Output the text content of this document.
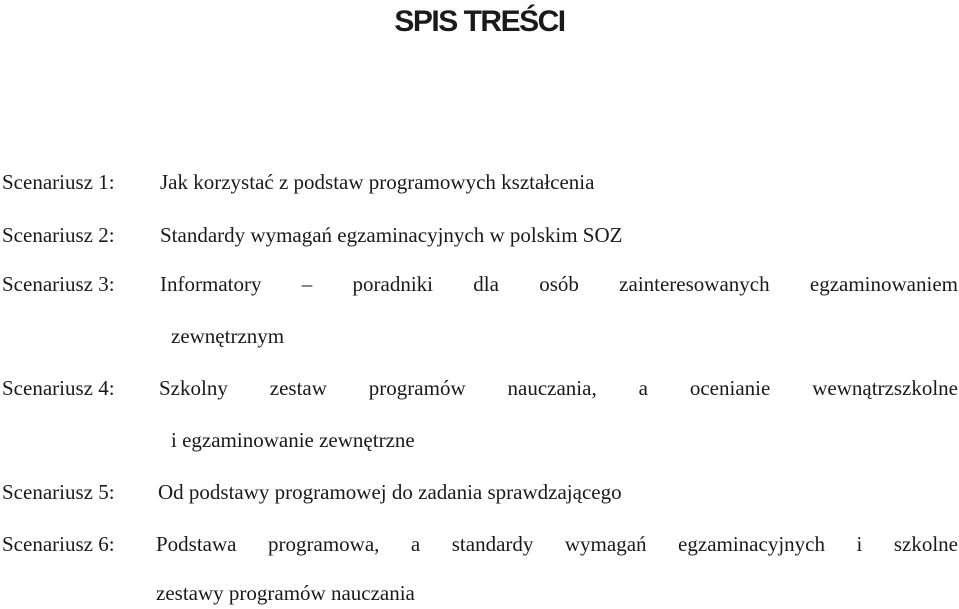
SPIS TREŚCI
Scenariusz 1: Jak korzystać z podstaw programowych kształcenia
Scenariusz 2: Standardy wymagań egzaminacyjnych w polskim SOZ
Scenariusz 3: Informatory – poradniki dla osób zainteresowanych egzaminowaniem
zewnętrznym
Scenariusz 4: Szkolny zestaw programów nauczania, a ocenianie wewnątrzszkolne
i egzaminowanie zewnętrzne
Scenariusz 5: Od podstawy programowej do zadania sprawdzającego
Scenariusz 6: Podstawa programowa, a standardy wymagań egzaminacyjnych i szkolne
zestawy programów nauczania
